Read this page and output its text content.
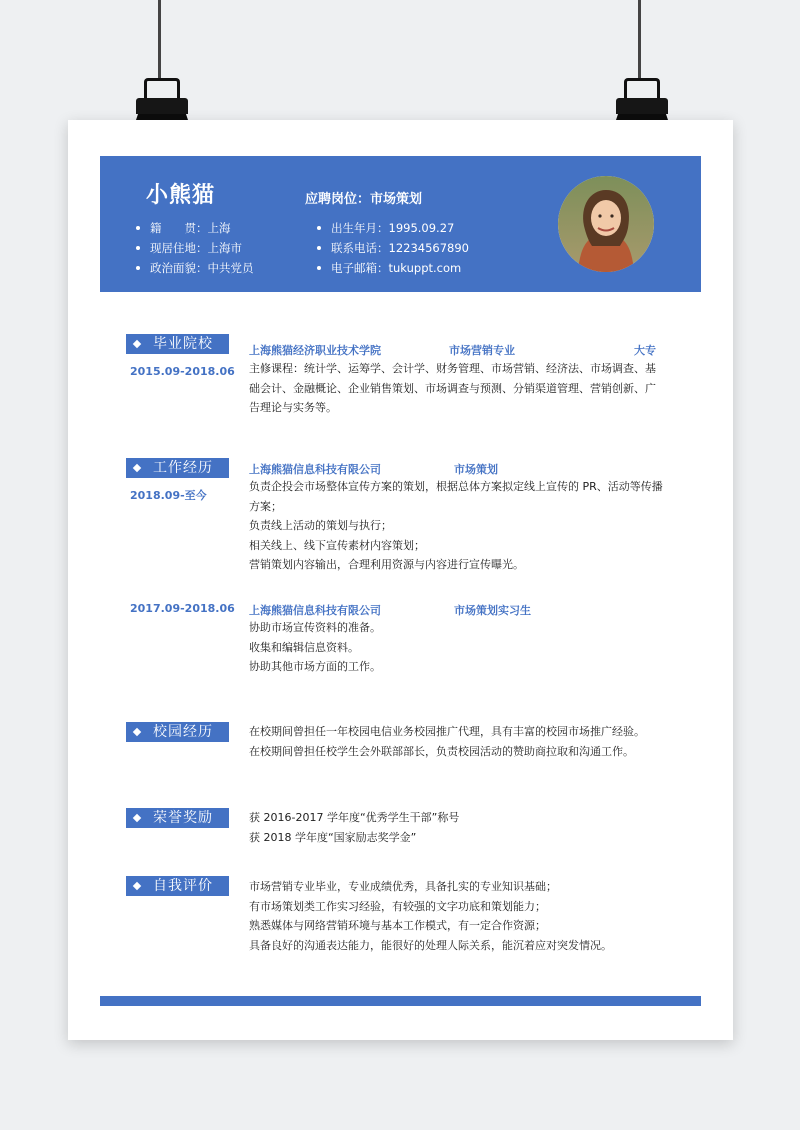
小熊猫	应聘岗位：市场策划
籍　　贯：上海
现居住地：上海市
政治面貌：中共党员
出生年月：1995.09.27
联系电话：12234567890
电子邮箱：tukuppt.com
毕业院校	上海熊猫经济职业技术学院	市场营销专业	大专
2015.09-2018.06 主修课程：统计学、运筹学、会计学、财务管理、市场营销、经济法、市场调查、基
础会计、金融概论、企业销售策划、市场调查与预测、分销渠道管理、营销创新、广
告理论与实务等。
工作经历	上海熊猫信息科技有限公司	市场策划
2018.09-至今
负责企投会市场整体宣传方案的策划，根据总体方案拟定线上宣传的 PR、活动等传播
方案；
负责线上活动的策划与执行；
相关线上、线下宣传素材内容策划；
营销策划内容输出，合理利用资源与内容进行宣传曝光。
2017.09-2018.06 上海熊猫信息科技有限公司	市场策划实习生
协助市场宣传资料的准备。
收集和编辑信息资料。
协助其他市场方面的工作。
校园经历	在校期间曾担任一年校园电信业务校园推广代理，具有丰富的校园市场推广经验。
在校期间曾担任校学生会外联部部长，负责校园活动的赞助商拉取和沟通工作。
荣誉奖励	获 2016-2017 学年度“优秀学生干部”称号
获 2018 学年度“国家励志奖学金”
自我评价	市场营销专业毕业，专业成绩优秀，具备扎实的专业知识基础；
有市场策划类工作实习经验，有较强的文字功底和策划能力；
熟悉媒体与网络营销环境与基本工作模式，有一定合作资源；
具备良好的沟通表达能力，能很好的处理人际关系，能沉着应对突发情况。
